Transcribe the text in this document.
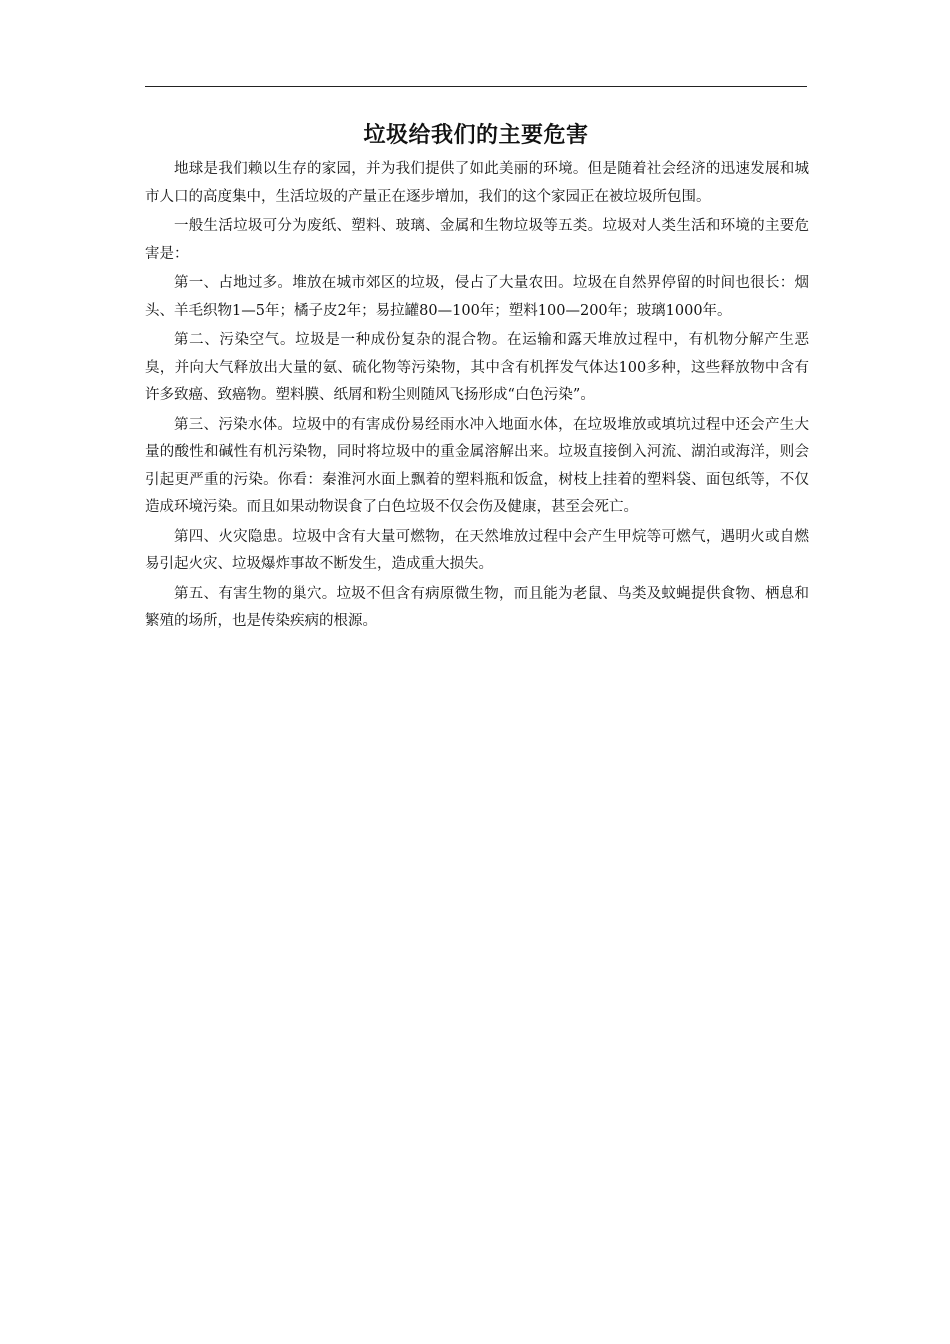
垃圾给我们的主要危害

地球是我们赖以生存的家园，并为我们提供了如此美丽的环境。但是随着社会经济的迅速发展和城市人口的高度集中，生活垃圾的产量正在逐步增加，我们的这个家园正在被垃圾所包围。

一般生活垃圾可分为废纸、塑料、玻璃、金属和生物垃圾等五类。垃圾对人类生活和环境的主要危害是：

第一、占地过多。堆放在城市郊区的垃圾，侵占了大量农田。垃圾在自然界停留的时间也很长：烟头、羊毛织物1—5年；橘子皮2年；易拉罐80—100年；塑料100—200年；玻璃1000年。

第二、污染空气。垃圾是一种成份复杂的混合物。在运输和露天堆放过程中，有机物分解产生恶臭，并向大气释放出大量的氨、硫化物等污染物，其中含有机挥发气体达100多种，这些释放物中含有许多致癌、致癌物。塑料膜、纸屑和粉尘则随风飞扬形成“白色污染”。

第三、污染水体。垃圾中的有害成份易经雨水冲入地面水体，在垃圾堆放或填坑过程中还会产生大量的酸性和碱性有机污染物，同时将垃圾中的重金属溶解出来。垃圾直接倒入河流、湖泊或海洋，则会引起更严重的污染。你看：秦淮河水面上飘着的塑料瓶和饭盒，树枝上挂着的塑料袋、面包纸等，不仅造成环境污染。而且如果动物误食了白色垃圾不仅会伤及健康，甚至会死亡。

第四、火灾隐患。垃圾中含有大量可燃物，在天然堆放过程中会产生甲烷等可燃气，遇明火或自燃易引起火灾、垃圾爆炸事故不断发生，造成重大损失。

第五、有害生物的巢穴。垃圾不但含有病原微生物，而且能为老鼠、鸟类及蚊蝇提供食物、栖息和繁殖的场所，也是传染疾病的根源。
